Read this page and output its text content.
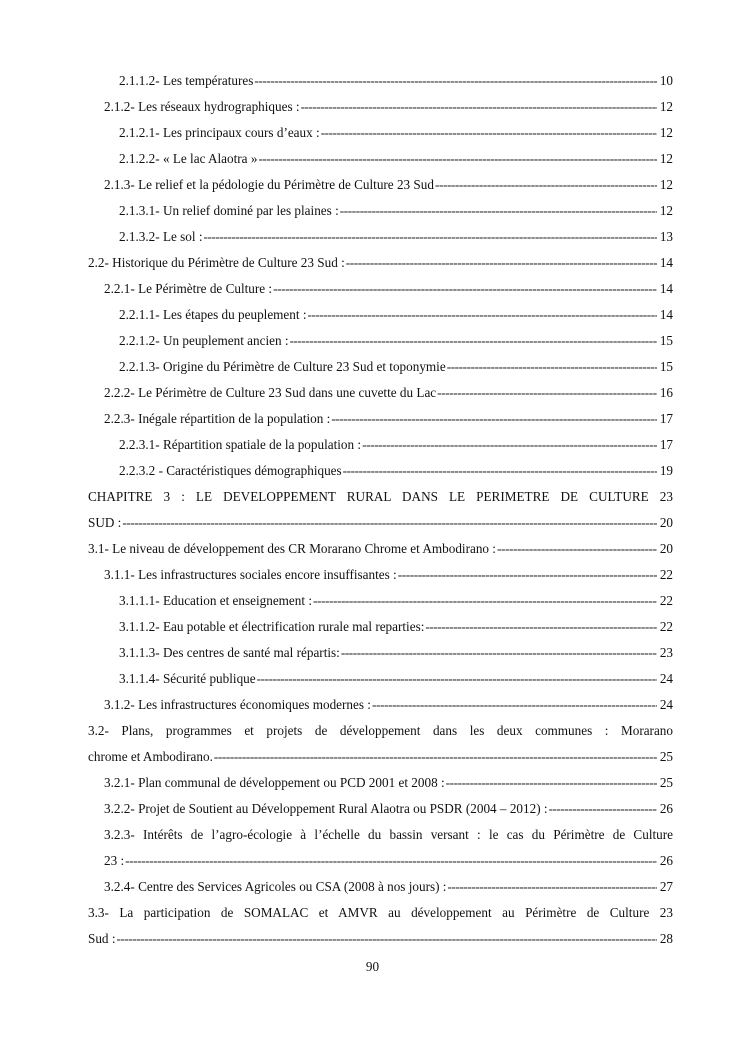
2.1.1.2- Les températures -----	10
2.1.2- Les réseaux hydrographiques : -----	12
2.1.2.1- Les principaux cours d’eaux : -----	12
2.1.2.2- « Le lac Alaotra » -----	12
2.1.3- Le relief et la pédologie du Périmètre de Culture 23 Sud -----	12
2.1.3.1- Un relief dominé par les plaines : -----	12
2.1.3.2- Le sol : -----	13
2.2- Historique du Périmètre de Culture 23 Sud : -----	14
2.2.1- Le Périmètre de Culture : -----	14
2.2.1.1- Les étapes du peuplement : -----	14
2.2.1.2- Un peuplement ancien : -----	15
2.2.1.3- Origine du Périmètre de Culture 23 Sud et toponymie -----	15
2.2.2- Le Périmètre de Culture 23 Sud dans une cuvette du Lac -----	16
2.2.3- Inégale répartition de la population : -----	17
2.2.3.1- Répartition spatiale de la population : -----	17
2.2.3.2 - Caractéristiques démographiques -----	19
CHAPITRE 3 : LE DEVELOPPEMENT RURAL DANS LE PERIMETRE DE CULTURE 23
SUD : -----	20
3.1- Le niveau de développement des CR Morarano Chrome et Ambodirano : -----	20
3.1.1- Les infrastructures sociales encore insuffisantes : -----	22
3.1.1.1- Education et enseignement : -----	22
3.1.1.2- Eau potable et électrification rurale mal reparties: -----	22
3.1.1.3- Des centres de santé mal répartis: -----	23
3.1.1.4- Sécurité publique -----	24
3.1.2- Les infrastructures économiques modernes : -----	24
3.2- Plans, programmes et projets de développement dans les deux communes : Morarano
chrome et Ambodirano. -----	25
3.2.1- Plan communal de développement ou PCD 2001 et 2008 : -----	25
3.2.2- Projet de Soutient au Développement Rural Alaotra ou PSDR (2004 – 2012) : -----	26
3.2.3- Intérêts de l’agro-écologie à l’échelle du bassin versant : le cas du Périmètre de Culture
23 : -----	26
3.2.4- Centre des Services Agricoles ou CSA (2008 à nos jours) : -----	27
3.3- La participation de SOMALAC et AMVR au développement au Périmètre de Culture 23
Sud : -----	28
90
